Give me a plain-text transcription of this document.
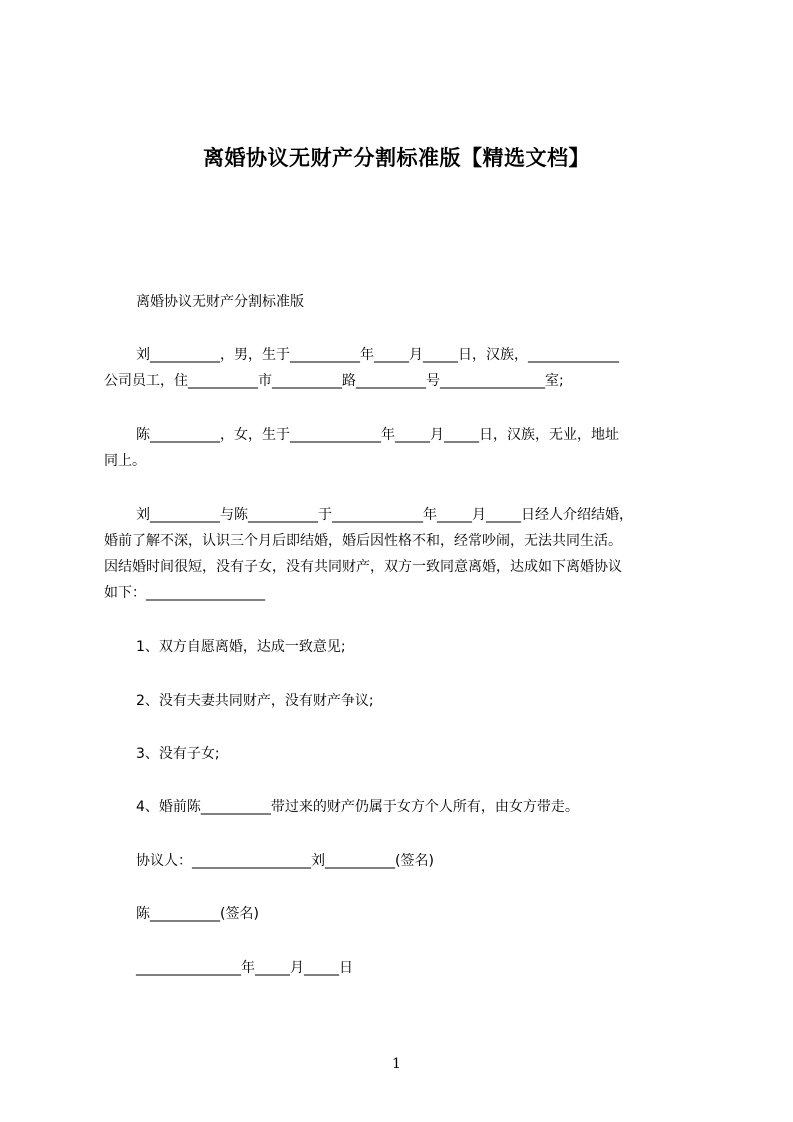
离婚协议无财产分割标准版【精选文档】
离婚协议无财产分割标准版
刘__________，男，生于__________年_____月_____日，汉族，_____________
公司员工，住__________市__________路__________号_______________室;
陈__________，女，生于_____________年_____月_____日，汉族，无业，地址
同上。
刘__________与陈__________于_____________年_____月_____日经人介绍结婚，
婚前了解不深，认识三个月后即结婚，婚后因性格不和，经常吵闹，无法共同生活。
因结婚时间很短，没有子女，没有共同财产，双方一致同意离婚，达成如下离婚协议
如下：_________________
1、双方自愿离婚，达成一致意见;
2、没有夫妻共同财产，没有财产争议;
3、没有子女;
4、婚前陈__________带过来的财产仍属于女方个人所有，由女方带走。
协议人：_________________刘__________(签名)
陈__________(签名)
_______________年_____月_____日
1
